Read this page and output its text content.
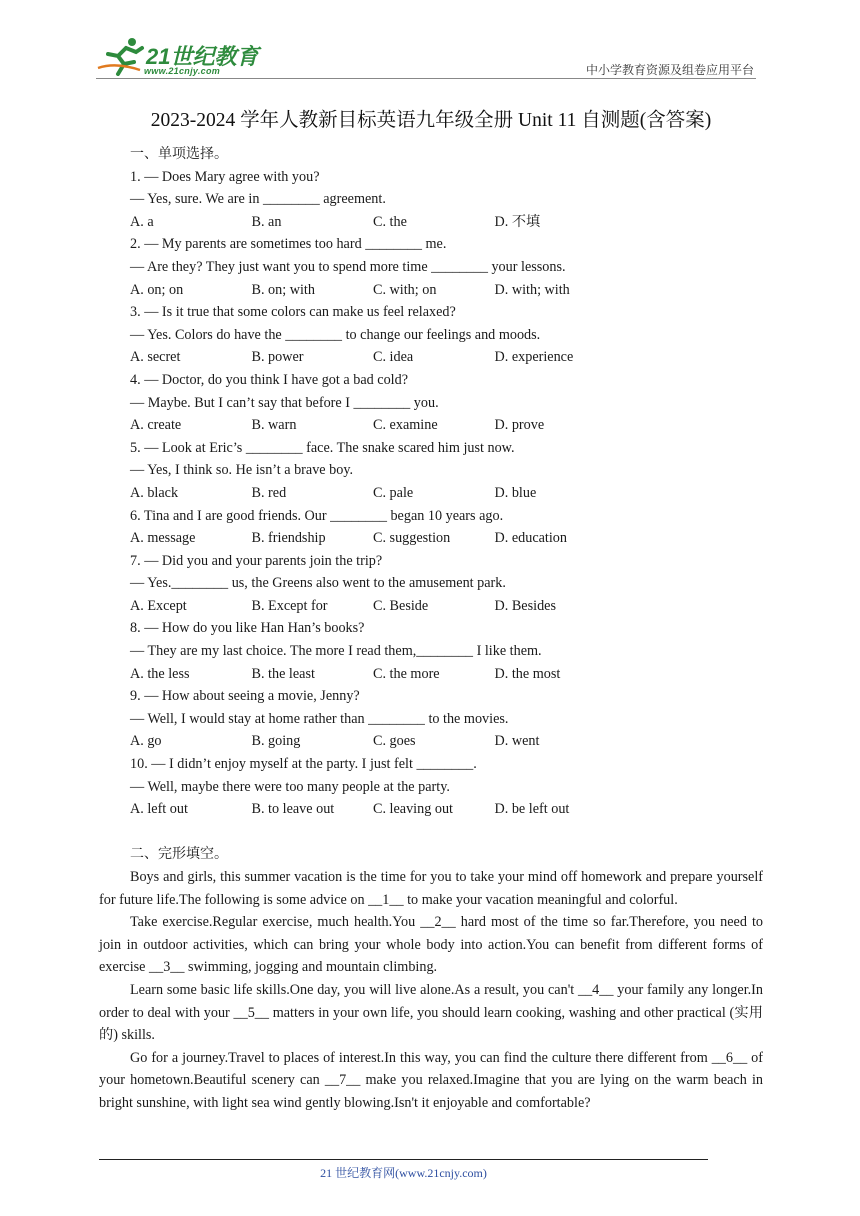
21世纪教育
www.21cnjy.com	中小学教育资源及组卷应用平台
2023-2024 学年人教新目标英语九年级全册 Unit 11 自测题(含答案)
一、单项选择。
1. — Does Mary agree with you?
— Yes, sure. We are in ________ agreement.
A. a	B. an	C. the	D. 不填
2. — My parents are sometimes too hard ________ me.
— Are they? They just want you to spend more time ________ your lessons.
A. on; on	B. on; with	C. with; on	D. with; with
3. — Is it true that some colors can make us feel relaxed?
— Yes. Colors do have the ________ to change our feelings and moods.
A. secret	B. power	C. idea	D. experience
4. — Doctor, do you think I have got a bad cold?
— Maybe. But I can’t say that before I ________ you.
A. create	B. warn	C. examine	D. prove
5. — Look at Eric’s ________ face. The snake scared him just now.
— Yes, I think so. He isn’t a brave boy.
A. black	B. red	C. pale	D. blue
6. Tina and I are good friends. Our ________ began 10 years ago.
A. message	B. friendship	C. suggestion	D. education
7. — Did you and your parents join the trip?
— Yes.________ us, the Greens also went to the amusement park.
A. Except	B. Except for	C. Beside	D. Besides
8. — How do you like Han Han’s books?
— They are my last choice. The more I read them,________ I like them.
A. the less	B. the least	C. the more	D. the most
9. — How about seeing a movie, Jenny?
— Well, I would stay at home rather than ________ to the movies.
A. go	B. going	C. goes	D. went
10. — I didn’t enjoy myself at the party. I just felt ________.
— Well, maybe there were too many people at the party.
A. left out	B. to leave out	C. leaving out	D. be left out
二、完形填空。

Boys and girls, this summer vacation is the time for you to take your mind off homework and prepare yourself for future life.The following is some advice on __1__ to make your vacation meaningful and colorful.

Take exercise.Regular exercise, much health.You __2__ hard most of the time so far.Therefore, you need to join in outdoor activities, which can bring your whole body into action.You can benefit from different forms of exercise __3__ swimming, jogging and mountain climbing.

Learn some basic life skills.One day, you will live alone.As a result, you can't __4__ your family any longer.In order to deal with your __5__ matters in your own life, you should learn cooking, washing and other practical (实用的) skills.

Go for a journey.Travel to places of interest.In this way, you can find the culture there different from __6__ of your hometown.Beautiful scenery can __7__ make you relaxed.Imagine that you are lying on the warm beach in bright sunshine, with light sea wind gently blowing.Isn't it enjoyable and comfortable?

21 世纪教育网(www.21cnjy.com)
